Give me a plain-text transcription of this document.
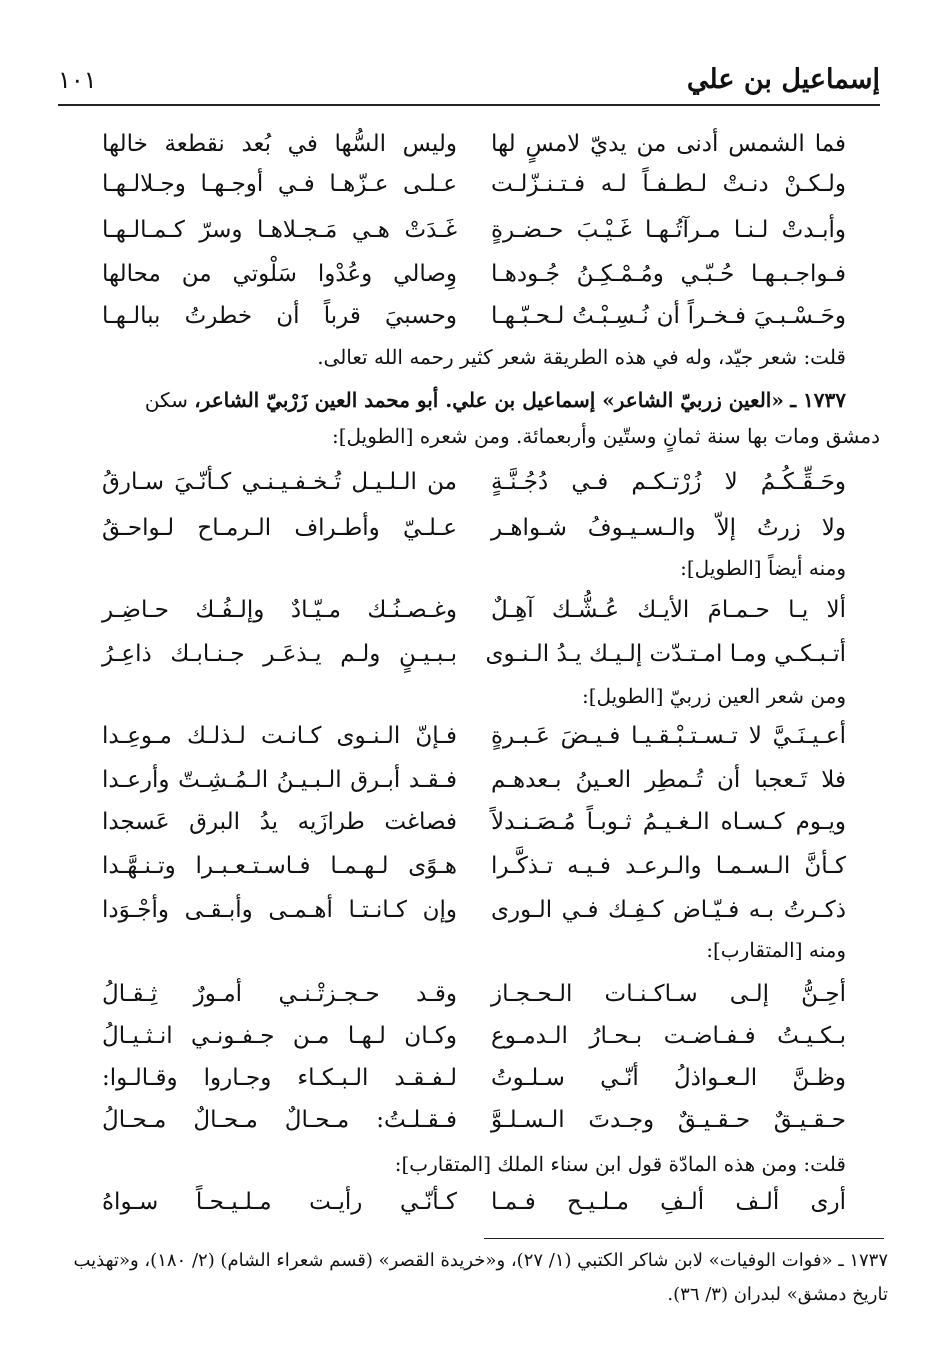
إسماعيل بن علي
١٠١
فما الشمس أدنى من يديّ لامسٍ لها
وليس السُّها في بُعد نقطعة خالها
ولـكـنْ دنـتْ لـطـفـاً لـه فـتـنـزّلـت
عـلـى عـزّهـا فـي أوجـهـا وجـلالـهـا
وأبـدتْ لـنـا مـرآتُـهـا غَـيْـبَ حـضـرةٍ
غَـدَتْ هـي مَـجـلاهـا وسرّ كـمـالـهـا
فـواجـبـهـا حُـبّـي ومُـمْـكِـنُ جُـودهـا
وِصالي وعُدْوا سَلْوتي من محالها
وحَـسْـبـيَ فـخـراً أن نُـسِـبْـتُ لـحـبّـهـا
وحسبيَ قرباً أن خطرتُ ببالـهـا
قلت: شعر جيّد، وله في هذه الطريقة شعر كثير رحمه الله تعالى.
١٧٣٧ ـ «العين زربيّ الشاعر» إسماعيل بن علي. أبو محمد العين زَرْبيّ الشاعر، سكن
دمشق ومات بها سنة ثمانٍ وستّين وأربعمائة. ومن شعره [الطويل]:
وحَـقِّـكُـمُ لا زُرْتـكـم فـي دُجُـنَّـةٍ
من الـلـيـل تُـخـفـيـنـي كـأنّـيَ سـارقُ
ولا زرتُ إلاّ والـسـيـوفُ شـواهـر
عـلـيّ وأطـراف الـرمـاح لـواحـقُ
ومنه أيضاً [الطويل]:
ألا يـا حـمـامَ الأيـك عُـشُّـك آهِـلٌ
وغـصـنُـك مـيّـادٌ وإلـفُـك حـاضِـر
أتـبـكـي ومـا امـتـدّت إلـيـك يـدُ الـنـوى
بـبـيـنٍ ولـم يـذعَـر جـنـابـك ذاعِـرُ
ومن شعر العين زربيّ [الطويل]:
أعـيـنَـيَّ لا تـسـتـبْـقـيـا فـيـضَ عَـبـرةٍ
فـإنّ الـنـوى كـانـت لـذلـك مـوعِـدا
فلا تَـعجبا أن تُـمطِر العـينُ بـعدهـم
فـقـد أبـرق الـبـيـنُ الـمُـشِـتّ وأرعـدا
ويـوم كـسـاه الـغـيـمُ ثـوبـاً مُـصَـنـدلاً
فصاغت طرازَيه يدُ البرق عَسجدا
كـأنَّ الـسـمـا والـرعـد فـيـه تـذكَّـرا
هـوًى لـهـمـا فـاسـتـعـبـرا وتـنـهَّـدا
ذكـرتُ بـه فـيّـاض كـفِـك فـي الـورى
وإن كـانـتـا أهـمـى وأبـقـى وأجْـوَدا
ومنه [المتقارب]:
أحِـنُّ إلـى سـاكـنـات الـحـجـاز
وقـد حـجـزتْـنـي أمـورٌ ثِـقـالُ
بـكـيـتُ فـفـاضـت بـحـارُ الـدمـوع
وكـان لـهـا مـن جـفـونـي انـثـيـالُ
وظـنَّ الـعـواذلُ أنّـي سـلـوتُ
لـفـقـد الـبـكـاء وجـاروا وقـالـوا:
حـقـيـقٌ حـقـيـقٌ وجـدتَ الـسـلـوَّ
فـقـلـتُ: مـحـالٌ مـحـالٌ مـحـالُ
قلت: ومن هذه المادّة قول ابن سناء الملك [المتقارب]:
أرى ألـف ألـفِ مـلـيـح فـمـا
كـأنّـي رأيـت مـلـيـحـاً سـواهُ
١٧٣٧ ـ «فوات الوفيات» لابن شاكر الكتبي (١/ ٢٧)، و«خريدة القصر» (قسم شعراء الشام) (٢/ ١٨٠)، و«تهذيب
تاريخ دمشق» لبدران (٣/ ٣٦).
